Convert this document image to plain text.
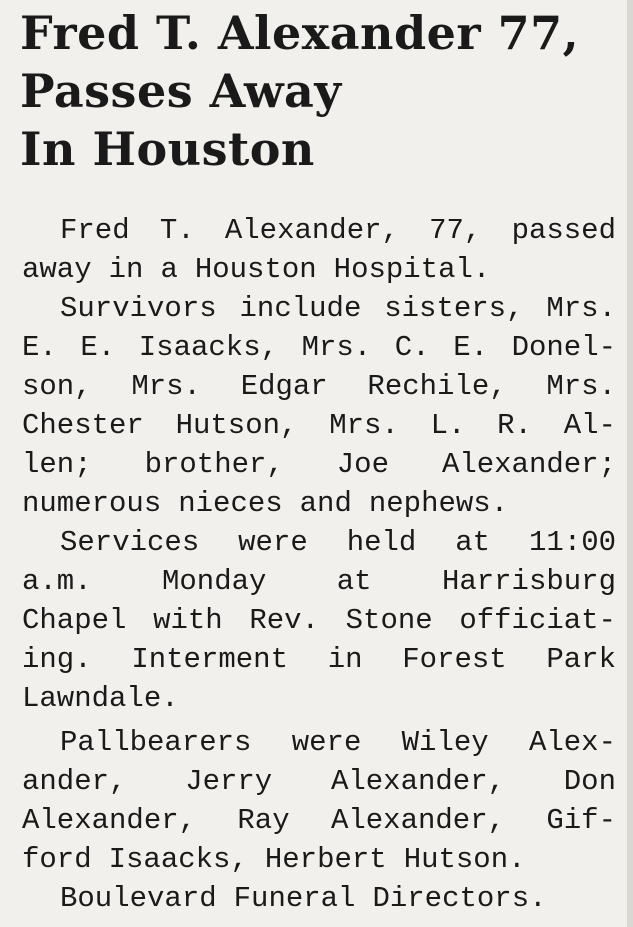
Fred T. Alexander 77,
Passes Away
In Houston
Fred T. Alexander, 77, passed
away in a Houston Hospital.
Survivors include sisters, Mrs.
E. E. Isaacks, Mrs. C. E. Donel-
son, Mrs. Edgar Rechile, Mrs.
Chester Hutson, Mrs. L. R. Al-
len; brother, Joe Alexander;
numerous nieces and nephews.
Services were held at 11:00
a.m. Monday at Harrisburg
Chapel with Rev. Stone officiat-
ing. Interment in Forest Park
Lawndale.
Pallbearers were Wiley Alex-
ander, Jerry Alexander, Don
Alexander, Ray Alexander, Gif-
ford Isaacks, Herbert Hutson.
Boulevard Funeral Directors.
